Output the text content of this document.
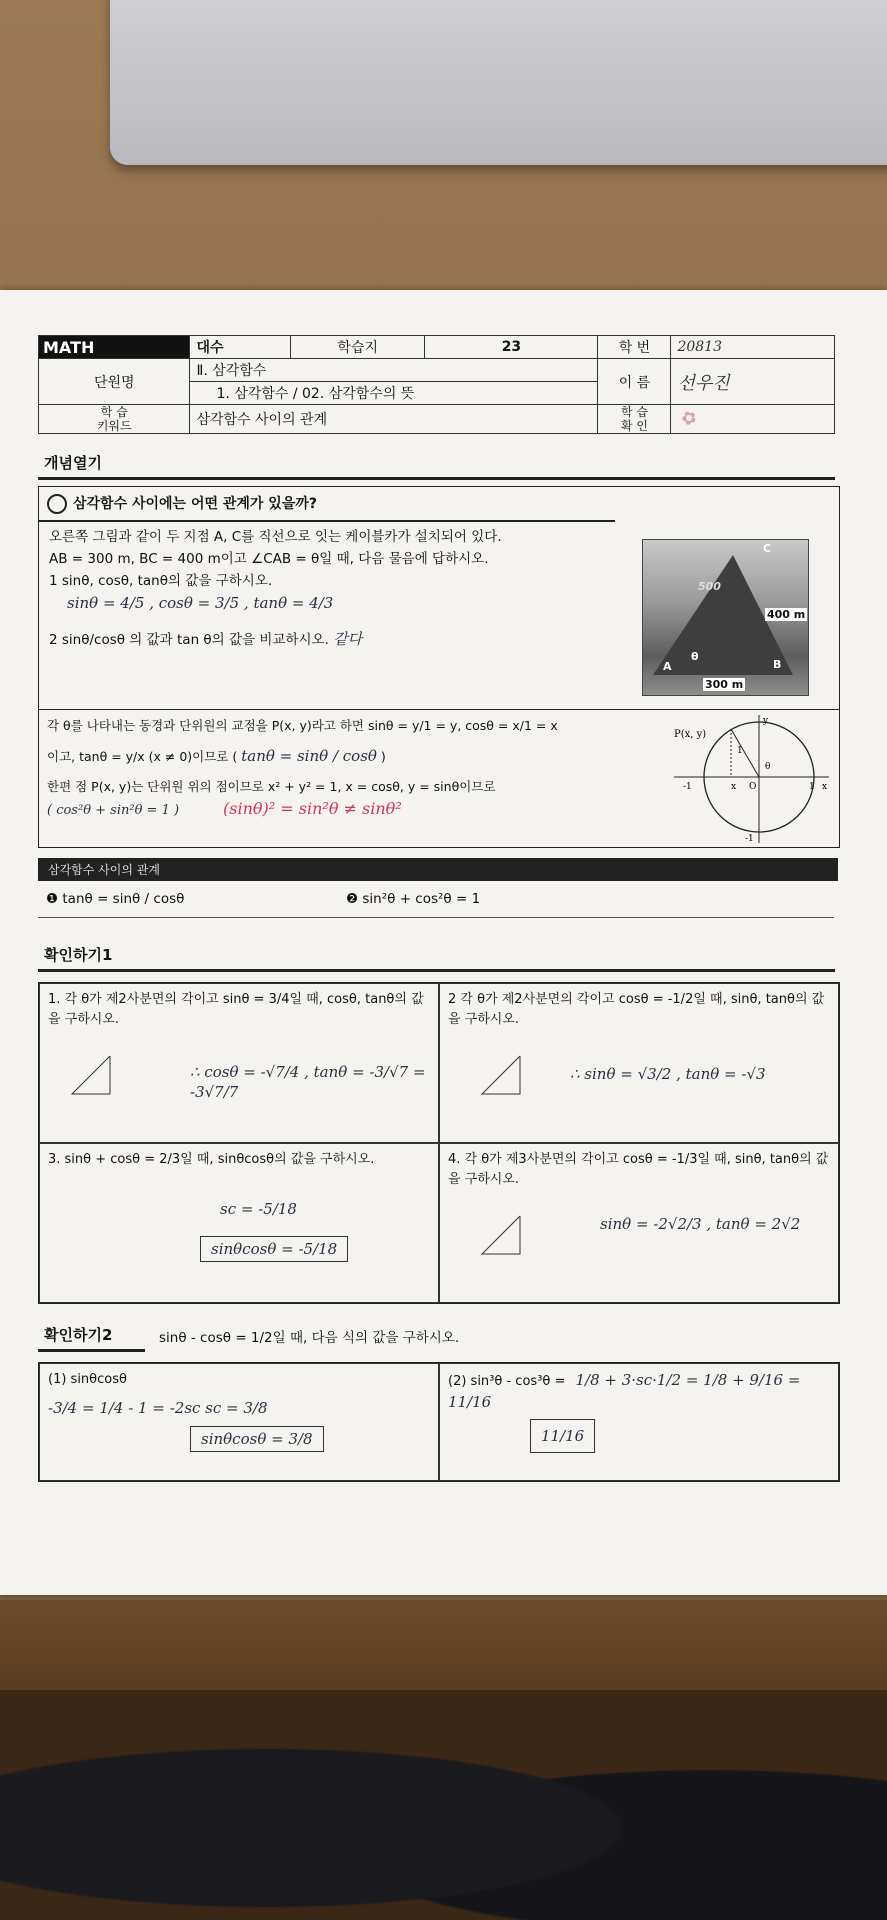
MATH	대수	학습지	23	학 번	20813
단원명	Ⅱ. 삼각함수			이 름	선우진
	1. 삼각함수 / 02. 삼각함수의 뜻				
학 습
키워드	삼각함수 사이의 관계			학 습
확 인	✿
개념열기
삼각함수 사이에는 어떤 관계가 있을까?
오른쪽 그림과 같이 두 지점 A, C를 직선으로 잇는 케이블카가 설치되어 있다.
AB = 300 m, BC = 400 m이고 ∠CAB = θ일 때, 다음 물음에 답하시오.
1 sinθ, cosθ, tanθ의 값을 구하시오.
sinθ = 4/5 , cosθ = 3/5 , tanθ = 4/3
2 sinθ/cosθ 의 값과 tan θ의 값을 비교하시오. 같다
C
400 m
A
θ
B
300 m
500
각 θ를 나타내는 동경과 단위원의 교점을 P(x, y)라고 하면 sinθ = y/1 = y, cosθ = x/1 = x
이고, tanθ = y/x (x ≠ 0)이므로 ( tanθ = sinθ / cosθ )
한편 점 P(x, y)는 단위원 위의 점이므로 x² + y² = 1, x = cosθ, y = sinθ이므로
( cos²θ + sin²θ = 1 )	(sinθ)² = sin²θ ≠ sinθ²
P(x, y)
y
1
θ
x O
-1	1 x
-1
삼각함수 사이의 관계
❶ tanθ = sinθ / cosθ	❷ sin²θ + cos²θ = 1
확인하기1
1. 각 θ가 제2사분면의 각이고 sinθ = 3/4일 때, cosθ, tanθ의 값을 구하시오.
∴ cosθ = -√7/4 , tanθ = -3/√7 = -3√7/7
2 각 θ가 제2사분면의 각이고 cosθ = -1/2일 때, sinθ, tanθ의 값을 구하시오.
∴ sinθ = √3/2 , tanθ = -√3
3. sinθ + cosθ = 2/3일 때, sinθcosθ의 값을 구하시오.
sc = -5/18
sinθcosθ = -5/18
4. 각 θ가 제3사분면의 각이고 cosθ = -1/3일 때, sinθ, tanθ의 값을 구하시오.
sinθ = -2√2/3 , tanθ = 2√2
확인하기2	sinθ - cosθ = 1/2일 때, 다음 식의 값을 구하시오.
(1) sinθcosθ
-3/4 = 1/4 - 1 = -2sc sc = 3/8
sinθcosθ = 3/8
(2) sin³θ - cos³θ = 1/8 + 3·sc·1/2 = 1/8 + 9/16 = 11/16
11/16
